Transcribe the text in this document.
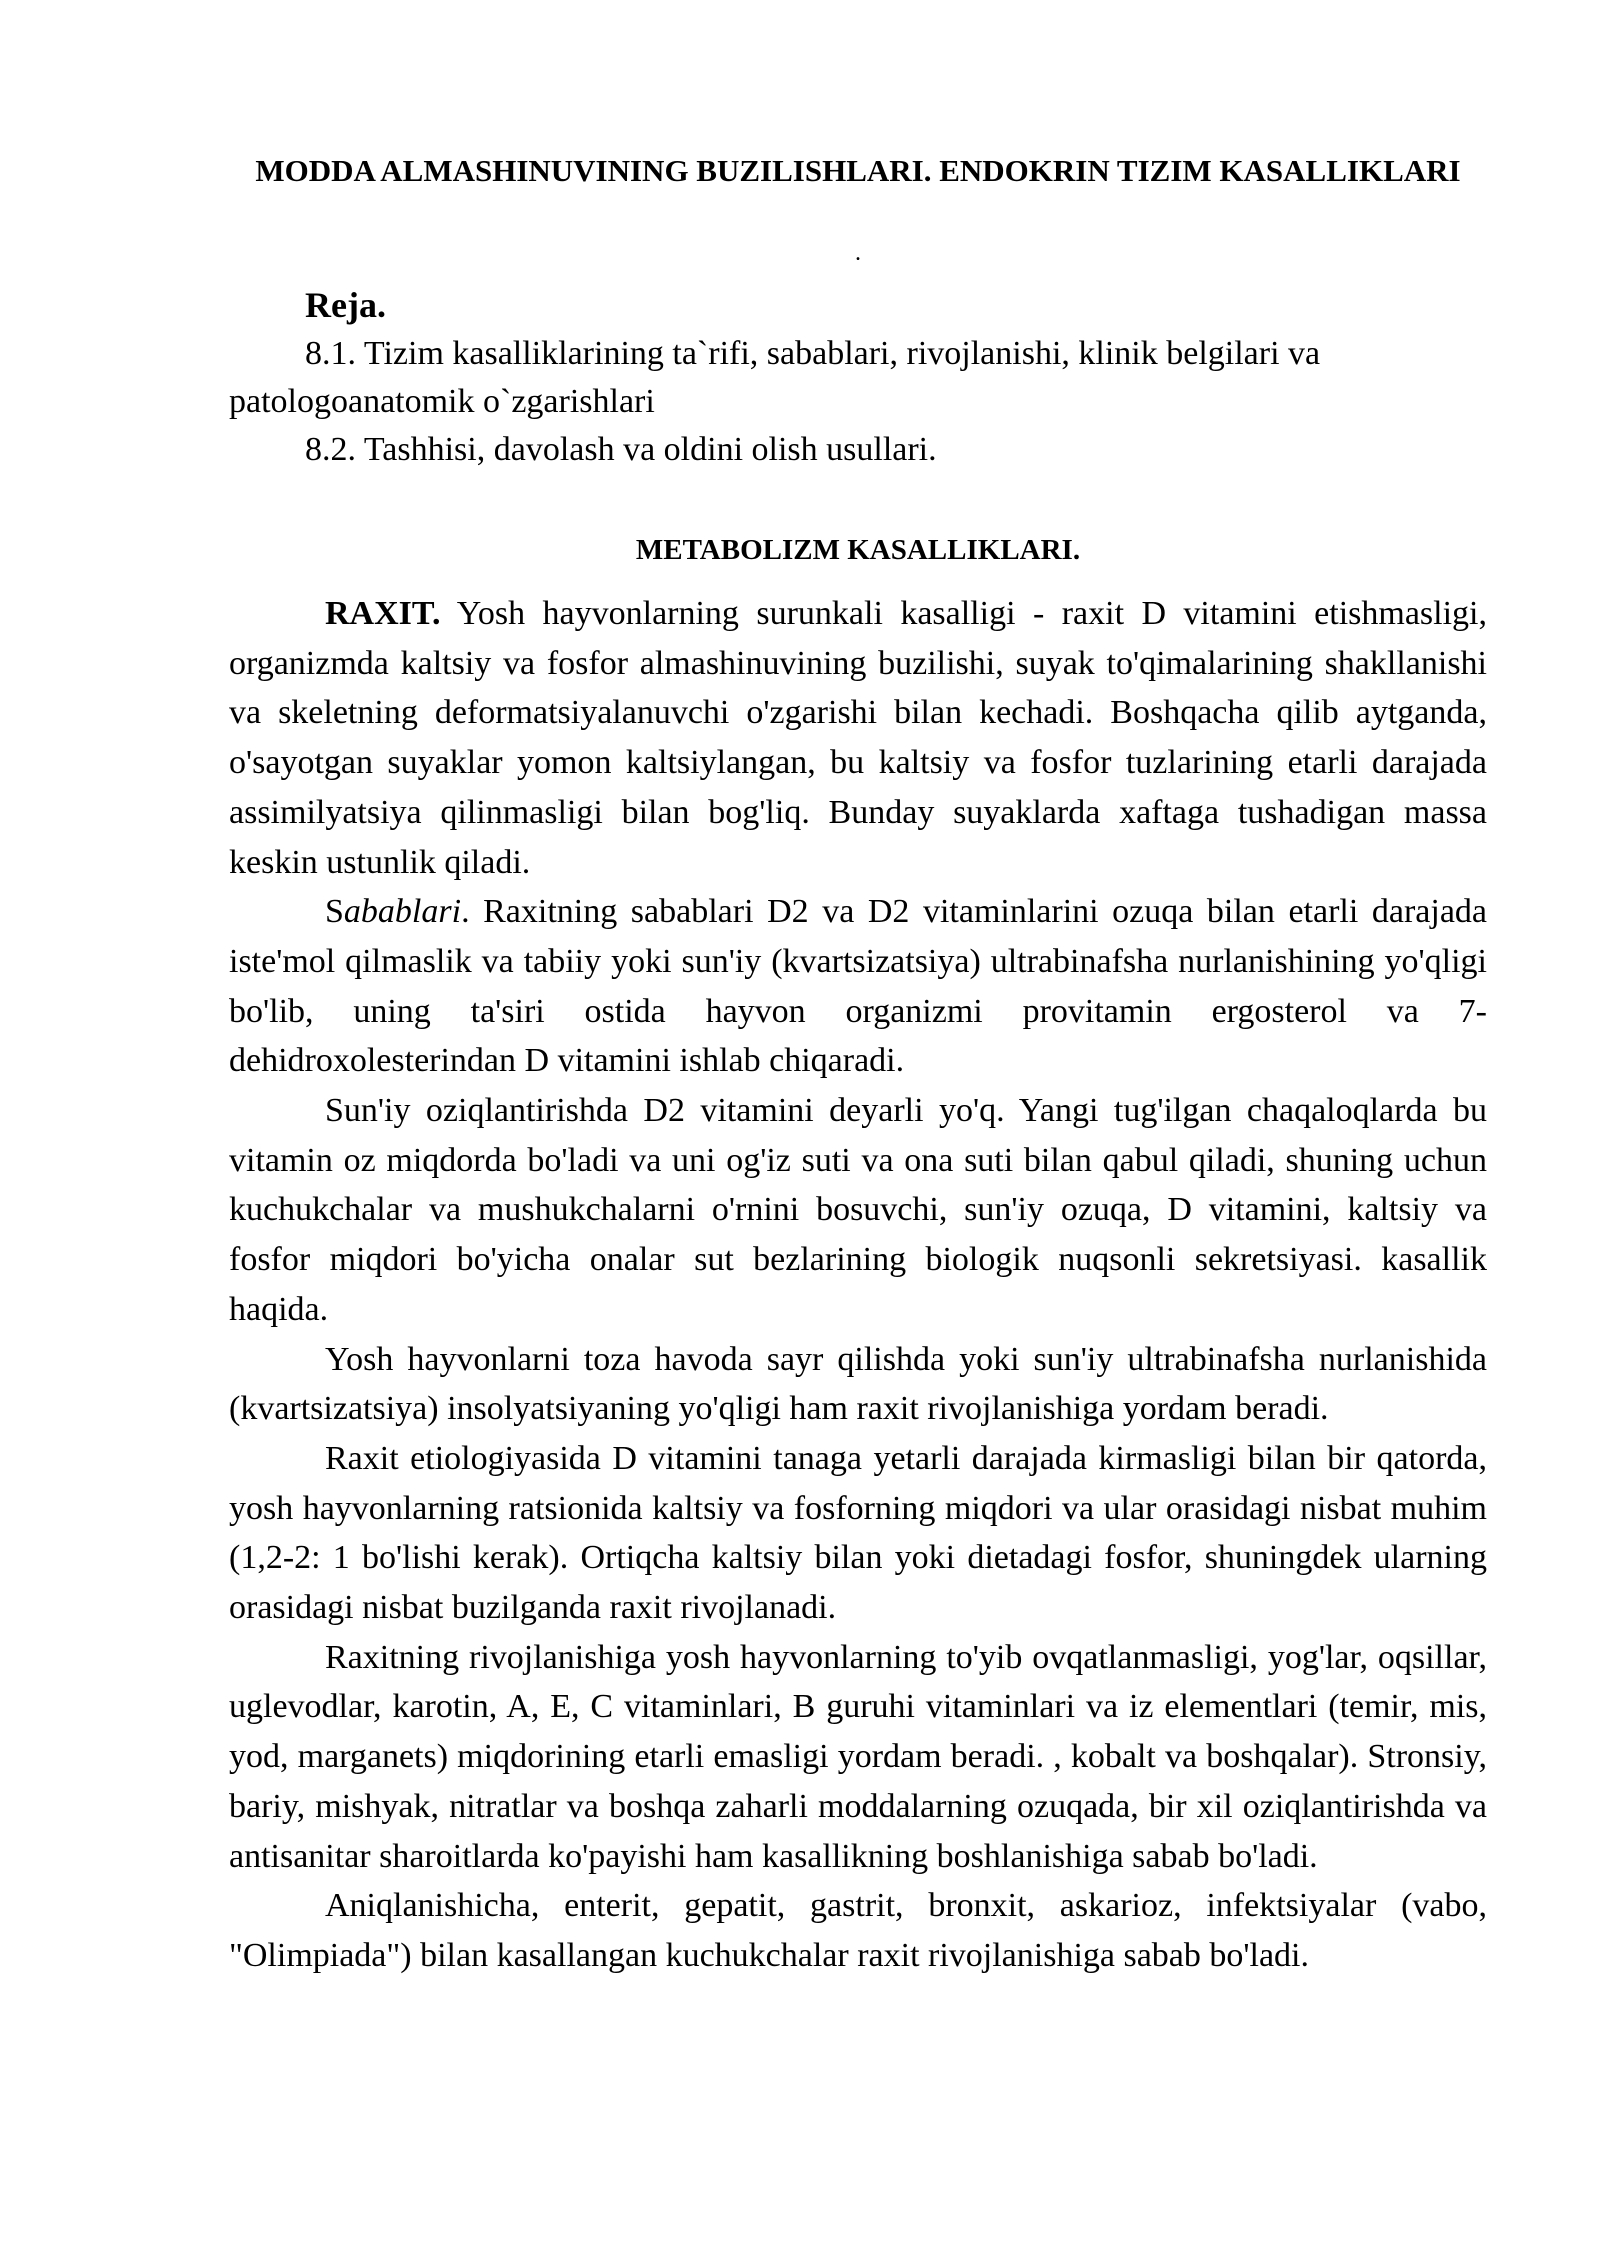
MODDA ALMASHINUVINING BUZILISHLARI. ENDOKRIN TIZIM KASALLIKLARI
.
Reja.

8.1. Tizim kasalliklarining ta`rifi, sabablari, rivojlanishi, klinik belgilari va patologoanatomik o`zgarishlari

8.2. Tashhisi, davolash va oldini olish usullari.

METABOLIZM KASALLIKLARI.

RAXIT. Yosh hayvonlarning surunkali kasalligi - raxit D vitamini etishmasligi, organizmda kaltsiy va fosfor almashinuvining buzilishi, suyak to'qimalarining shakllanishi va skeletning deformatsiyalanuvchi o'zgarishi bilan kechadi. Boshqacha qilib aytganda, o'sayotgan suyaklar yomon kaltsiylangan, bu kaltsiy va fosfor tuzlarining etarli darajada assimilyatsiya qilinmasligi bilan bog'liq. Bunday suyaklarda xaftaga tushadigan massa keskin ustunlik qiladi.

Sabablari. Raxitning sabablari D2 va D2 vitaminlarini ozuqa bilan etarli darajada iste'mol qilmaslik va tabiiy yoki sun'iy (kvartsizatsiya) ultrabinafsha nurlanishining yo'qligi bo'lib, uning ta'siri ostida hayvon organizmi provitamin ergosterol va 7-dehidroxolesterindan D vitamini ishlab chiqaradi.

Sun'iy oziqlantirishda D2 vitamini deyarli yo'q. Yangi tug'ilgan chaqaloqlarda bu vitamin oz miqdorda bo'ladi va uni og'iz suti va ona suti bilan qabul qiladi, shuning uchun kuchukchalar va mushukchalarni o'rnini bosuvchi, sun'iy ozuqa, D vitamini, kaltsiy va fosfor miqdori bo'yicha onalar sut bezlarining biologik nuqsonli sekretsiyasi. kasallik haqida.

Yosh hayvonlarni toza havoda sayr qilishda yoki sun'iy ultrabinafsha nurlanishida (kvartsizatsiya) insolyatsiyaning yo'qligi ham raxit rivojlanishiga yordam beradi.

Raxit etiologiyasida D vitamini tanaga yetarli darajada kirmasligi bilan bir qatorda, yosh hayvonlarning ratsionida kaltsiy va fosforning miqdori va ular orasidagi nisbat muhim (1,2-2: 1 bo'lishi kerak). Ortiqcha kaltsiy bilan yoki dietadagi fosfor, shuningdek ularning orasidagi nisbat buzilganda raxit rivojlanadi.

Raxitning rivojlanishiga yosh hayvonlarning to'yib ovqatlanmasligi, yog'lar, oqsillar, uglevodlar, karotin, A, E, C vitaminlari, B guruhi vitaminlari va iz elementlari (temir, mis, yod, marganets) miqdorining etarli emasligi yordam beradi. , kobalt va boshqalar). Stronsiy, bariy, mishyak, nitratlar va boshqa zaharli moddalarning ozuqada, bir xil oziqlantirishda va antisanitar sharoitlarda ko'payishi ham kasallikning boshlanishiga sabab bo'ladi.

Aniqlanishicha, enterit, gepatit, gastrit, bronxit, askarioz, infektsiyalar (vabo, "Olimpiada") bilan kasallangan kuchukchalar raxit rivojlanishiga sabab bo'ladi.
